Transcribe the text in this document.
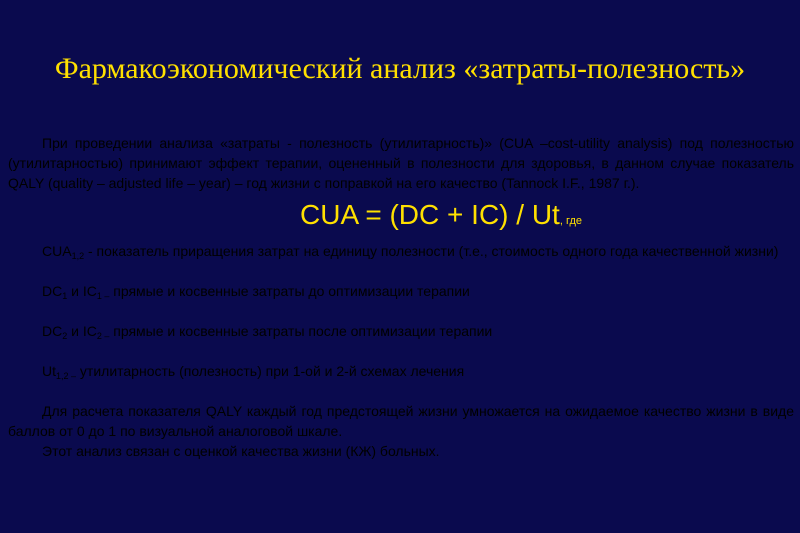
Фармакоэкономический анализ «затраты-полезность»

При проведении анализа «затраты - полезность (утилитарность)» (CUA –cost-utility analysis) под полезностью (утилитарностью) принимают эффект терапии, оцененный в полезности для здоровья, в данном случае показатель QALY (quality – adjusted life – year) – год жизни с поправкой на его качество (Tannock I.F., 1987 г.).

CUA = (DC + IC) / Ut, где

$CUA_{1,2}$ - показатель приращения затрат на единицу полезности (т.е., стоимость одного года качественной жизни)

$DC_1$ и $IC_{1 -}$ прямые и косвенные затраты до оптимизации терапии

$DC_2$ и $IC_{2 -}$ прямые и косвенные затраты после оптимизации терапии

$Ut_{1,2 -}$ утилитарность (полезность) при 1-ой и 2-й схемах лечения

Для расчета показателя QALY каждый год предстоящей жизни умножается на ожидаемое качество жизни в виде баллов от 0 до 1 по визуальной аналоговой шкале.

Этот анализ связан с оценкой качества жизни (КЖ) больных.
